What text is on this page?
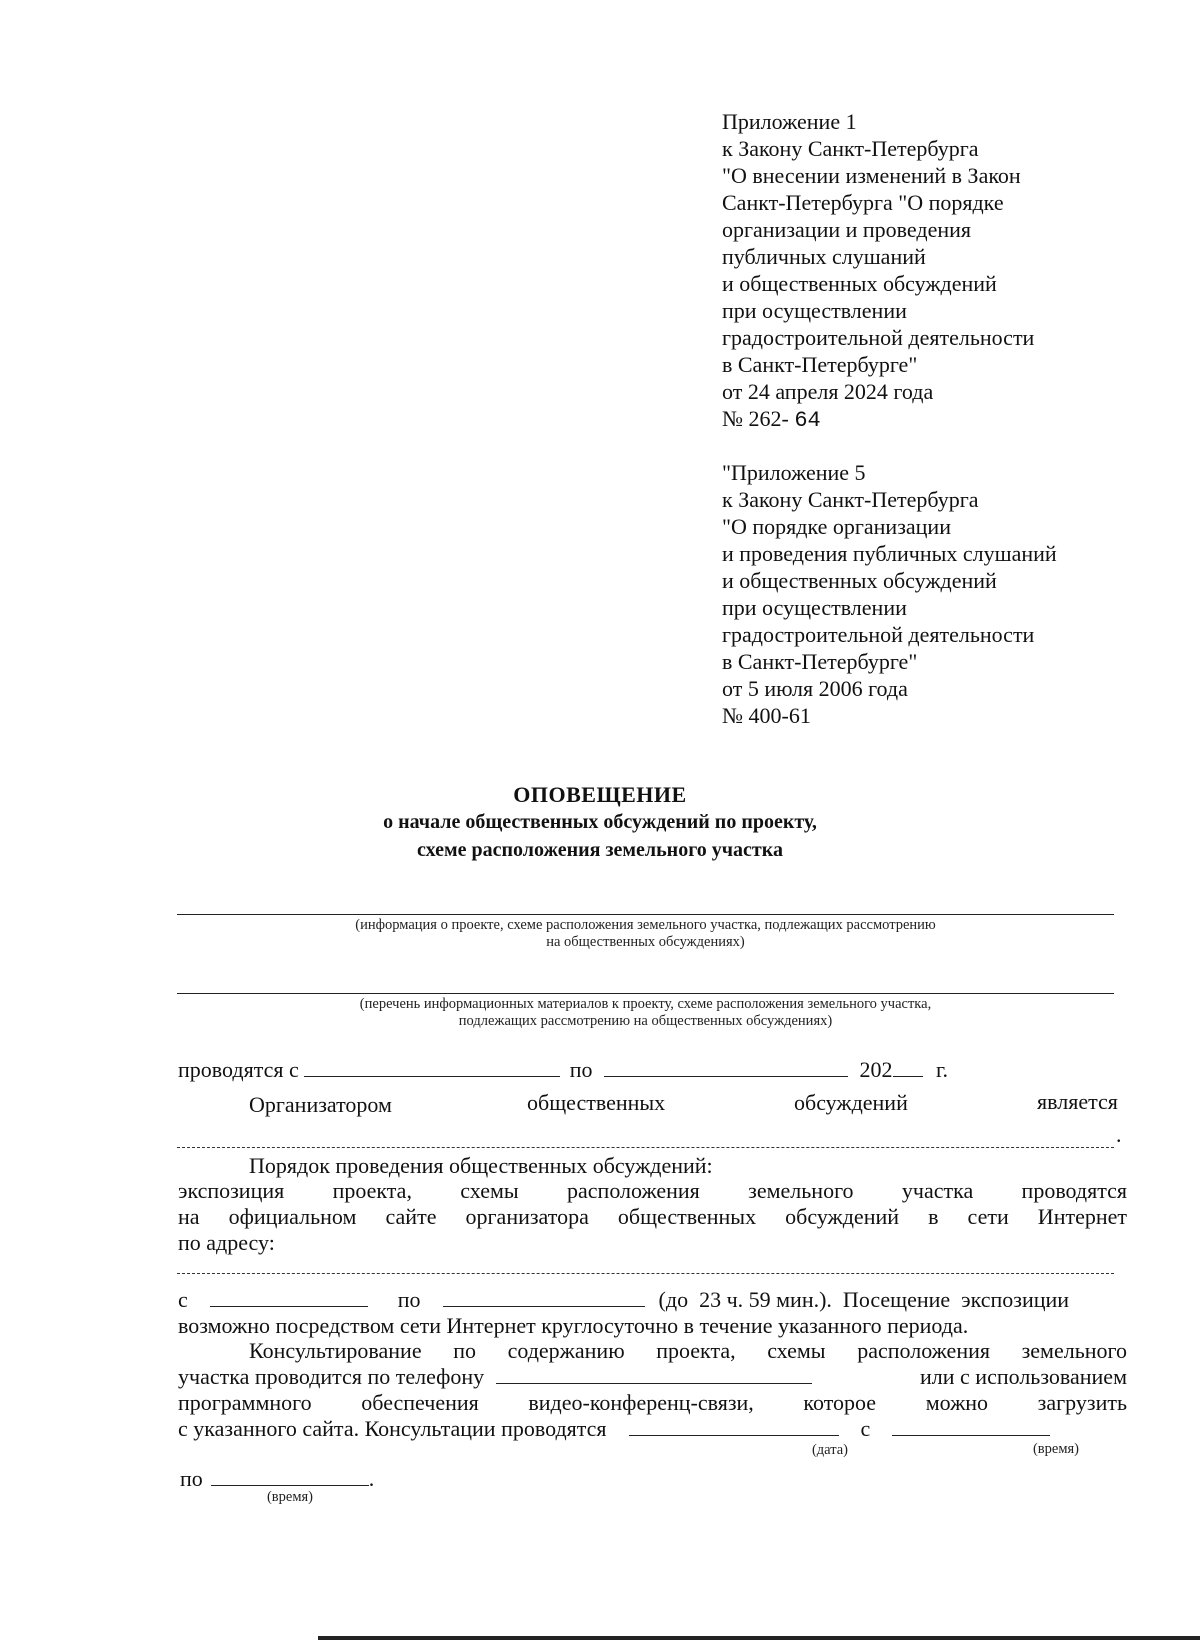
Приложение 1
к Закону Санкт-Петербурга
"О внесении изменений в Закон
Санкт-Петербурга "О порядке
организации и проведения
публичных слушаний
и общественных обсуждений
при осуществлении
градостроительной деятельности
в Санкт-Петербурге"
от 24 апреля 2024 года
№ 262- 64
"Приложение 5
к Закону Санкт-Петербурга
"О порядке организации
и проведения публичных слушаний
и общественных обсуждений
при осуществлении
градостроительной деятельности
в Санкт-Петербурге"
от 5 июля 2006 года
№ 400-61
ОПОВЕЩЕНИЕ
о начале общественных обсуждений по проекту,
схеме расположения земельного участка
(информация о проекте, схеме расположения земельного участка, подлежащих рассмотрению
на общественных обсуждениях)
(перечень информационных материалов к проекту, схеме расположения земельного участка,
подлежащих рассмотрению на общественных обсуждениях)
проводятся с	по	202 г.
Организатором	общественных	обсуждений	является
.
Порядок проведения общественных обсуждений:
экспозиция проекта, схемы расположения земельного участка проводятся
на официальном сайте организатора общественных обсуждений в сети Интернет
по адресу:
с	по	(до  23 ч. 59 мин.).  Посещение  экспозиции
возможно посредством сети Интернет круглосуточно в течение указанного периода.
Консультирование по содержанию проекта, схемы расположения земельного
участка проводится по телефону	или с использованием
программного обеспечения видео-конференц-связи, которое можно загрузить
с указанного сайта. Консультации проводятся	с
(дата)	(время)
по	.
(время)
